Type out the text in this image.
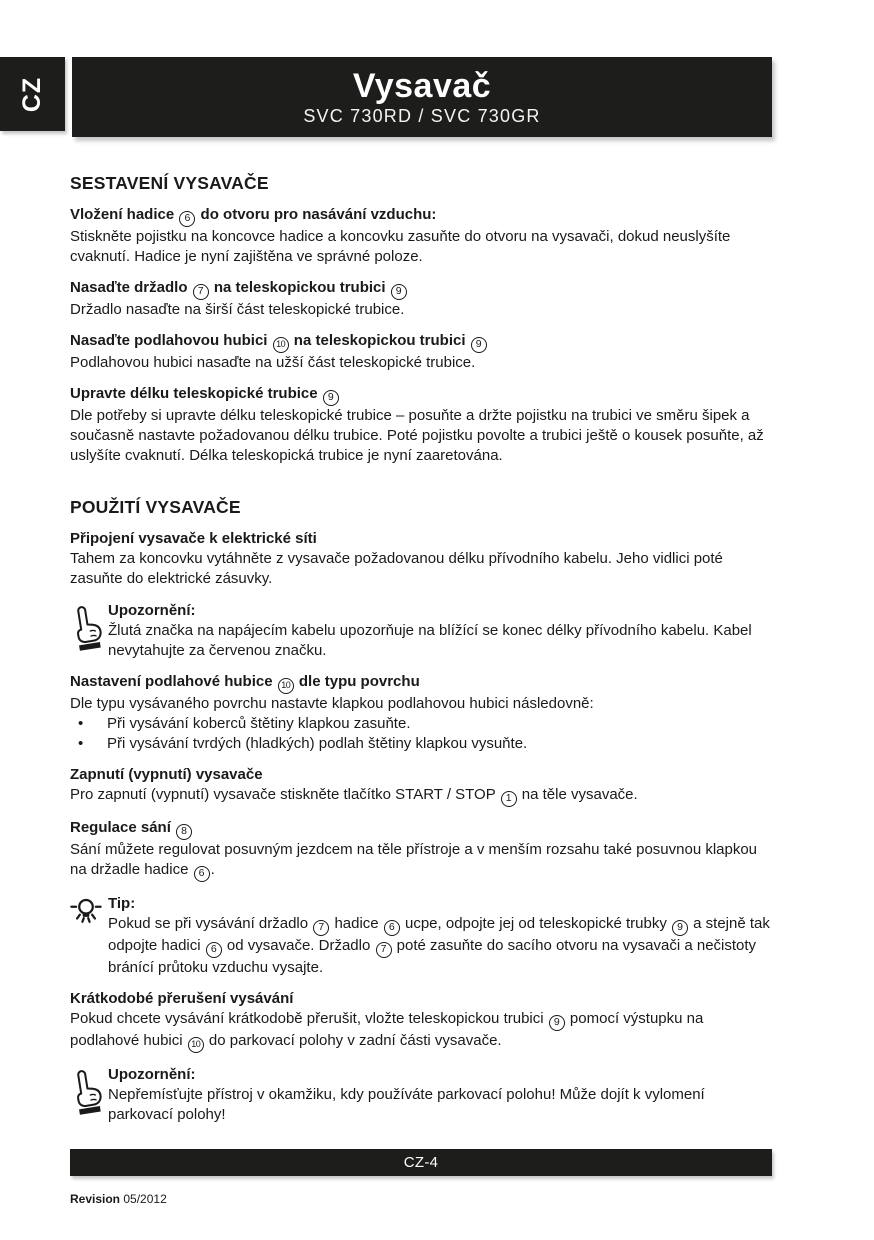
CZ	Vysavač
SVC 730RD / SVC 730GR
SESTAVENÍ VYSAVAČE
Vložení hadice 6 do otvoru pro nasávání vzduchu:

Stiskněte pojistku na koncovce hadice a koncovku zasuňte do otvoru na vysavači, dokud neuslyšíte cvaknutí. Hadice je nyní zajištěna ve správné poloze.

Nasaďte držadlo 7 na teleskopickou trubici 9

Držadlo nasaďte na širší část teleskopické trubice.

Nasaďte podlahovou hubici 10 na teleskopickou trubici 9

Podlahovou hubici nasaďte na užší část teleskopické trubice.

Upravte délku teleskopické trubice 9

Dle potřeby si upravte délku teleskopické trubice – posuňte a držte pojistku na trubici ve směru šipek a současně nastavte požadovanou délku trubice. Poté pojistku povolte a trubici ještě o kousek posuňte, až uslyšíte cvaknutí. Délka teleskopická trubice je nyní zaaretována.

POUŽITÍ VYSAVAČE
Připojení vysavače k elektrické síti

Tahem za koncovku vytáhněte z vysavače požadovanou délku přívodního kabelu. Jeho vidlici poté zasuňte do elektrické zásuvky.

Upozornění:

Žlutá značka na napájecím kabelu upozorňuje na blížící se konec délky přívodního kabelu. Kabel nevytahujte za červenou značku.

Nastavení podlahové hubice 10 dle typu povrchu

Dle typu vysávaného povrchu nastavte klapkou podlahovou hubici následovně:

• Při vysávání koberců štětiny klapkou zasuňte.
• Při vysávání tvrdých (hladkých) podlah štětiny klapkou vysuňte.
Zapnutí (vypnutí) vysavače

Pro zapnutí (vypnutí) vysavače stiskněte tlačítko START / STOP 1 na těle vysavače.

Regulace sání 8

Sání můžete regulovat posuvným jezdcem na těle přístroje a v menším rozsahu také posuvnou klapkou na držadle hadice 6 .

Tip:

Pokud se při vysávání držadlo 7 hadice 6 ucpe, odpojte jej od teleskopické trubky 9 a stejně tak odpojte hadici 6 od vysavače. Držadlo 7 poté zasuňte do sacího otvoru na vysavači a nečistoty bránící průtoku vzduchu vysajte.

Krátkodobé přerušení vysávání

Pokud chcete vysávání krátkodobě přerušit, vložte teleskopickou trubici 9 pomocí výstupku na podlahové hubici 10 do parkovací polohy v zadní části vysavače.

Upozornění:

Nepřemísťujte přístroj v okamžiku, kdy používáte parkovací polohu! Může dojít k vylomení parkovací polohy!

CZ-4
Revision 05/2012
